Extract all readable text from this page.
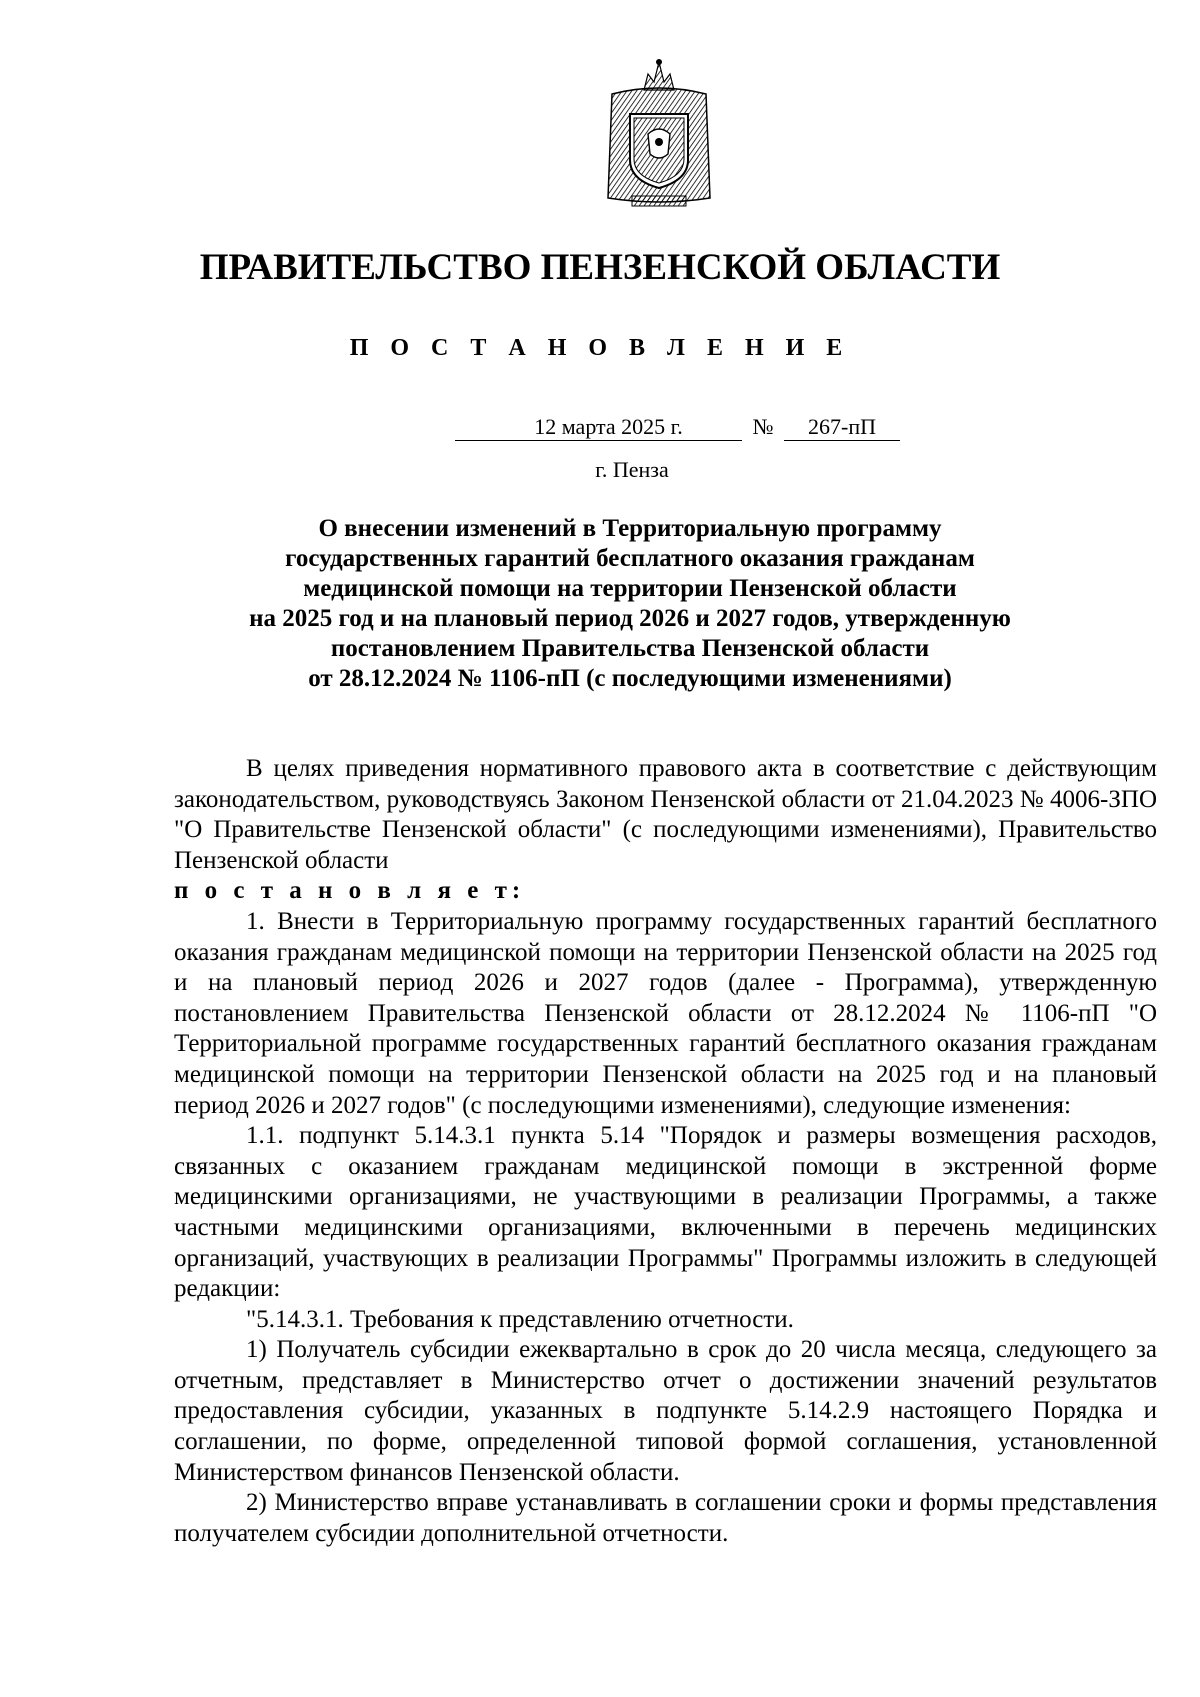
ПРАВИТЕЛЬСТВО ПЕНЗЕНСКОЙ ОБЛАСТИ
П О С Т А Н О В Л Е Н И Е
12 марта 2025 г.	№	267-пП
г. Пенза
О внесении изменений в Территориальную программу
государственных гарантий бесплатного оказания гражданам
медицинской помощи на территории Пензенской области
на 2025 год и на плановый период 2026 и 2027 годов, утвержденную
постановлением Правительства Пензенской области
от 28.12.2024 № 1106-пП (с последующими изменениями)

В целях приведения нормативного правового акта в соответствие с действующим законодательством, руководствуясь Законом Пензенской области от 21.04.2023 № 4006-ЗПО "О Правительстве Пензенской области" (с последующими изменениями), Правительство Пензенской области

п о с т а н о в л я е т:

1. Внести в Территориальную программу государственных гарантий бесплатного оказания гражданам медицинской помощи на территории Пензенской области на 2025 год и на плановый период 2026 и 2027 годов (далее - Программа), утвержденную постановлением Правительства Пензенской области от 28.12.2024 № 1106-пП "О Территориальной программе государственных гарантий бесплатного оказания гражданам медицинской помощи на территории Пензенской области на 2025 год и на плановый период 2026 и 2027 годов" (с последующими изменениями), следующие изменения:

1.1. подпункт 5.14.3.1 пункта 5.14 "Порядок и размеры возмещения расходов, связанных с оказанием гражданам медицинской помощи в экстренной форме медицинскими организациями, не участвующими в реализации Программы, а также частными медицинскими организациями, включенными в перечень медицинских организаций, участвующих в реализации Программы" Программы изложить в следующей редакции:

"5.14.3.1. Требования к представлению отчетности.

1) Получатель субсидии ежеквартально в срок до 20 числа месяца, следующего за отчетным, представляет в Министерство отчет о достижении значений результатов предоставления субсидии, указанных в подпункте 5.14.2.9 настоящего Порядка и соглашении, по форме, определенной типовой формой соглашения, установленной Министерством финансов Пензенской области.

2) Министерство вправе устанавливать в соглашении сроки и формы представления получателем субсидии дополнительной отчетности.
